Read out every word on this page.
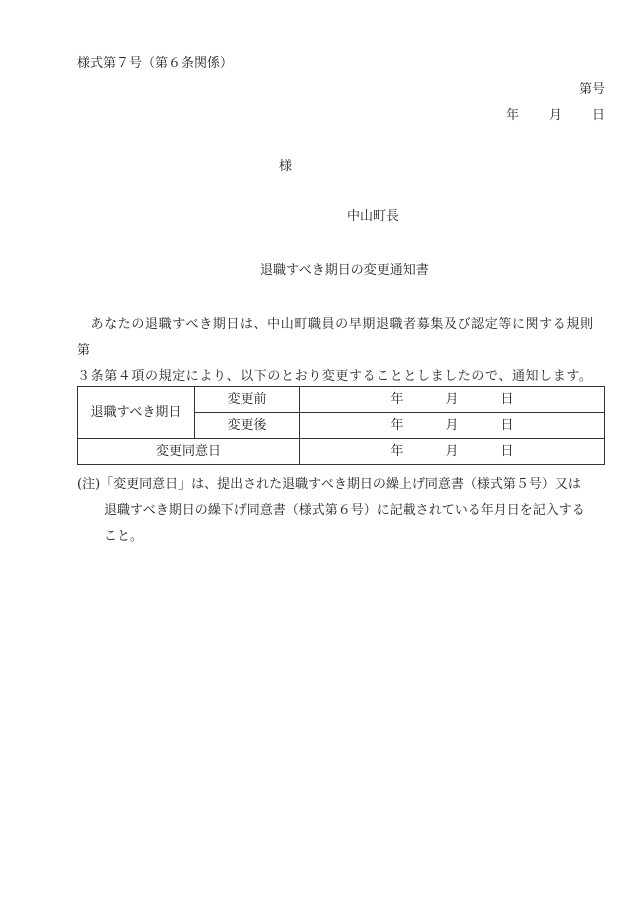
様式第７号（第６条関係）
第号
年 月 日
様
中山町長
退職すべき期日の変更通知書

　あなたの退職すべき期日は、中山町職員の早期退職者募集及び認定等に関する規則第

３条第４項の規定により、以下のとおり変更することとしましたので、通知します。

退職すべき期日	変更前	年 月 日
	変更後	年 月 日
変更同意日		年 月 日
(注)「変更同意日」は、提出された退職すべき期日の繰上げ同意書（様式第５号）又は
退職すべき期日の繰下げ同意書（様式第６号）に記載されている年月日を記入する
こと。
